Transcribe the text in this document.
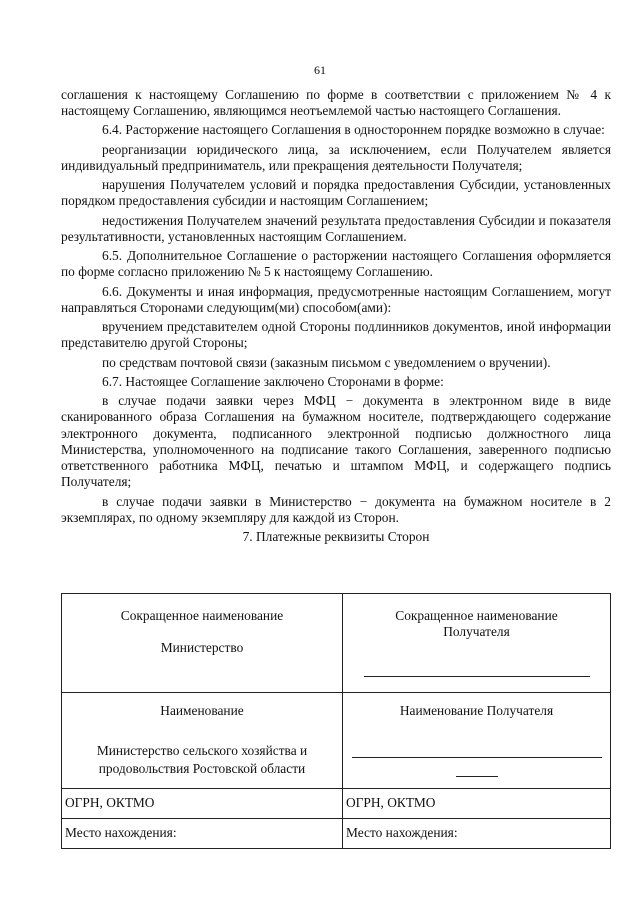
61

соглашения к настоящему Соглашению по форме в соответствии с приложением № 4 к настоящему Соглашению, являющимся неотъемлемой частью настоящего Соглашения.

6.4. Расторжение настоящего Соглашения в одностороннем порядке возможно в случае:

реорганизации юридического лица, за исключением, если Получателем является индивидуальный предприниматель, или прекращения деятельности Получателя;

нарушения Получателем условий и порядка предоставления Субсидии, установленных порядком предоставления субсидии и настоящим Соглашением;

недостижения Получателем значений результата предоставления Субсидии и показателя результативности, установленных настоящим Соглашением.

6.5. Дополнительное Соглашение о расторжении настоящего Соглашения оформляется по форме согласно приложению № 5 к настоящему Соглашению.

6.6. Документы и иная информация, предусмотренные настоящим Соглашением, могут направляться Сторонами следующим(ми) способом(ами):

вручением представителем одной Стороны подлинников документов, иной информации представителю другой Стороны;

по средствам почтовой связи (заказным письмом с уведомлением о вручении).

6.7. Настоящее Соглашение заключено Сторонами в форме:

в случае подачи заявки через МФЦ − документа в электронном виде в виде сканированного образа Соглашения на бумажном носителе, подтверждающего содержание электронного документа, подписанного электронной подписью должностного лица Министерства, уполномоченного на подписание такого Соглашения, заверенного подписью ответственного работника МФЦ, печатью и штампом МФЦ, и содержащего подпись Получателя;

в случае подачи заявки в Министерство − документа на бумажном носителе в 2 экземплярах, по одному экземпляру для каждой из Сторон.

7. Платежные реквизиты Сторон

Сокращенное наименование
Министерство	Сокращенное наименование Получателя

Наименование
Министерство сельского хозяйства и продовольствия Ростовской области	Наименование Получателя

ОГРН, ОКТМО	ОГРН, ОКТМО

Место нахождения:	Место нахождения:
